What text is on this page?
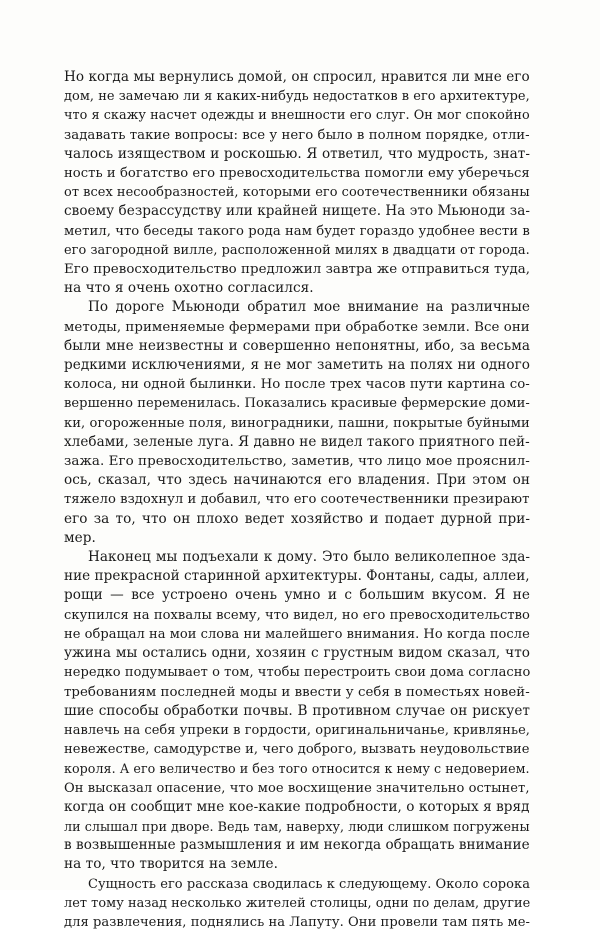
Но когда мы вернулись домой, он спросил, нравится ли мне его
дом, не замечаю ли я каких-нибудь недостатков в его архитектуре,
что я скажу насчет одежды и внешности его слуг. Он мог спокойно
задавать такие вопросы: все у него было в полном порядке, отли-
чалось изяществом и роскошью. Я ответил, что мудрость, знат-
ность и богатство его превосходительства помогли ему уберечься
от всех несообразностей, которыми его соотечественники обязаны
своему безрассудству или крайней нищете. На это Мьюноди за-
метил, что беседы такого рода нам будет гораздо удобнее вести в
его загородной вилле, расположенной милях в двадцати от города.
Его превосходительство предложил завтра же отправиться туда,
на что я очень охотно согласился.
По дороге Мьюноди обратил мое внимание на различные
методы, применяемые фермерами при обработке земли. Все они
были мне неизвестны и совершенно непонятны, ибо, за весьма
редкими исключениями, я не мог заметить на полях ни одного
колоса, ни одной былинки. Но после трех часов пути картина со-
вершенно переменилась. Показались красивые фермерские доми-
ки, огороженные поля, виноградники, пашни, покрытые буйными
хлебами, зеленые луга. Я давно не видел такого приятного пей-
зажа. Его превосходительство, заметив, что лицо мое прояснил-
ось, сказал, что здесь начинаются его владения. При этом он
тяжело вздохнул и добавил, что его соотечественники презирают
его за то, что он плохо ведет хозяйство и подает дурной при-
мер.
Наконец мы подъехали к дому. Это было великолепное зда-
ние прекрасной старинной архитектуры. Фонтаны, сады, аллеи,
рощи — все устроено очень умно и с большим вкусом. Я не
скупился на похвалы всему, что видел, но его превосходительство
не обращал на мои слова ни малейшего внимания. Но когда после
ужина мы остались одни, хозяин с грустным видом сказал, что
нередко подумывает о том, чтобы перестроить свои дома согласно
требованиям последней моды и ввести у себя в поместьях новей-
шие способы обработки почвы. В противном случае он рискует
навлечь на себя упреки в гордости, оригинальничанье, кривлянье,
невежестве, самодурстве и, чего доброго, вызвать неудовольствие
короля. А его величество и без того относится к нему с недоверием.
Он высказал опасение, что мое восхищение значительно остынет,
когда он сообщит мне кое-какие подробности, о которых я вряд
ли слышал при дворе. Ведь там, наверху, люди слишком погружены
в возвышенные размышления и им некогда обращать внимание
на то, что творится на земле.
Сущность его рассказа сводилась к следующему. Около сорока
лет тому назад несколько жителей столицы, одни по делам, другие
для развлечения, поднялись на Лапуту. Они провели там пять ме-
